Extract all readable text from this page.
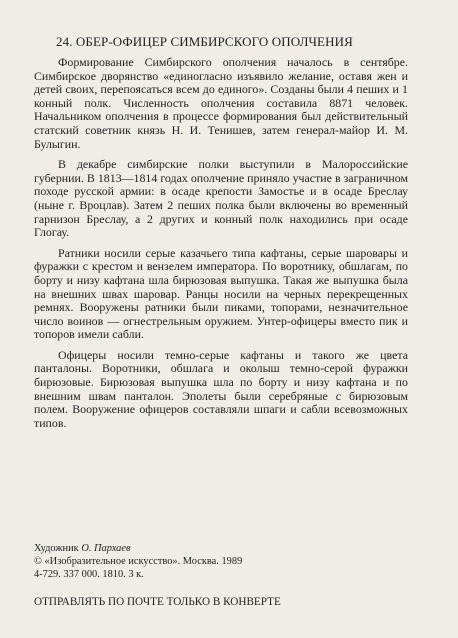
24. ОБЕР-ОФИЦЕР СИМБИРСКОГО ОПОЛЧЕНИЯ

Формирование Симбирского ополчения началось в сентябре. Симбирское дворянство «единогласно изъявило желание, оставя жен и детей своих, перепоясаться всем до единого». Созданы были 4 пеших и 1 конный полк. Численность ополчения составила 8871 человек. Начальником ополчения в процессе формирования был действительный статский советник князь Н. И. Тенишев, затем генерал-майор И. М. Булыгин.

В декабре симбирские полки выступили в Малороссийские губернии. В 1813—1814 годах ополчение приняло участие в заграничном походе русской армии: в осаде крепости Замостье и в осаде Бреслау (ныне г. Вроцлав). Затем 2 пеших полка были включены во временный гарнизон Бреслау, а 2 других и конный полк находились при осаде Глогау.

Ратники носили серые казачьего типа кафтаны, серые шаровары и фуражки с крестом и вензелем императора. По воротнику, обшлагам, по борту и низу кафтана шла бирюзовая выпушка. Такая же выпушка была на внешних швах шаровар. Ранцы носили на черных перекрещенных ремнях. Вооружены ратники были пиками, топорами, незначительное число воинов — огнестрельным оружием. Унтер-офицеры вместо пик и топоров имели сабли.

Офицеры носили темно-серые кафтаны и такого же цвета панталоны. Воротники, обшлага и околыш темно-серой фуражки бирюзовые. Бирюзовая выпушка шла по борту и низу кафтана и по внешним швам панталон. Эполеты были серебряные с бирюзовым полем. Вооружение офицеров составляли шпаги и сабли всевозможных типов.

Художник О. Пархаев
© «Изобразительное искусство». Москва. 1989
4-729. 337 000. 1810. 3 к.
ОТПРАВЛЯТЬ ПО ПОЧТЕ ТОЛЬКО В КОНВЕРТЕ
